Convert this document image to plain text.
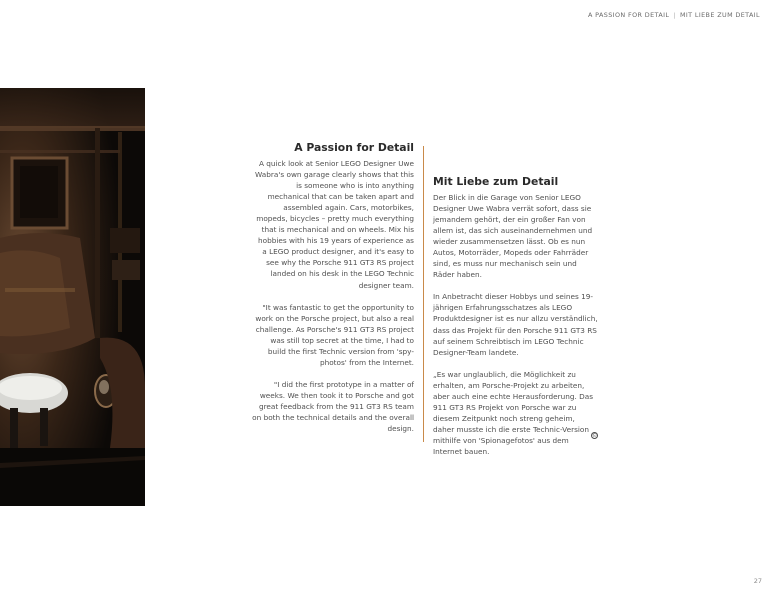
A PASSION FOR DETAIL | MIT LIEBE ZUM DETAIL
A Passion for Detail

A quick look at Senior LEGO Designer Uwe Wabra's own garage clearly shows that this is someone who is into anything mechanical that can be taken apart and assembled again. Cars, motorbikes, mopeds, bicycles – pretty much everything that is mechanical and on wheels. Mix his hobbies with his 19 years of experience as a LEGO product designer, and it's easy to see why the Porsche 911 GT3 RS project landed on his desk in the LEGO Technic designer team.

"It was fantastic to get the opportunity to work on the Porsche project, but also a real challenge. As Porsche's 911 GT3 RS project was still top secret at the time, I had to build the first Technic version from 'spy-photos' from the Internet.

"I did the first prototype in a matter of weeks. We then took it to Porsche and got great feedback from the 911 GT3 RS team on both the technical details and the overall design.

Mit Liebe zum Detail

Der Blick in die Garage von Senior LEGO Designer Uwe Wabra verrät sofort, dass sie jemandem gehört, der ein großer Fan von allem ist, das sich auseinandernehmen und wieder zusammensetzen lässt. Ob es nun Autos, Motorräder, Mopeds oder Fahrräder sind, es muss nur mechanisch sein und Räder haben.

In Anbetracht dieser Hobbys und seines 19-jährigen Erfahrungsschatzes als LEGO Produktdesigner ist es nur allzu verständlich, dass das Projekt für den Porsche 911 GT3 RS auf seinem Schreibtisch im LEGO Technic Designer-Team landete.

„Es war unglaublich, die Möglichkeit zu erhalten, am Porsche-Projekt zu arbeiten, aber auch eine echte Herausforderung. Das 911 GT3 RS Projekt von Porsche war zu diesem Zeitpunkt noch streng geheim, daher musste ich die erste Technic-Version mithilfe von 'Spionagefotos' aus dem Internet bauen.

©
27
